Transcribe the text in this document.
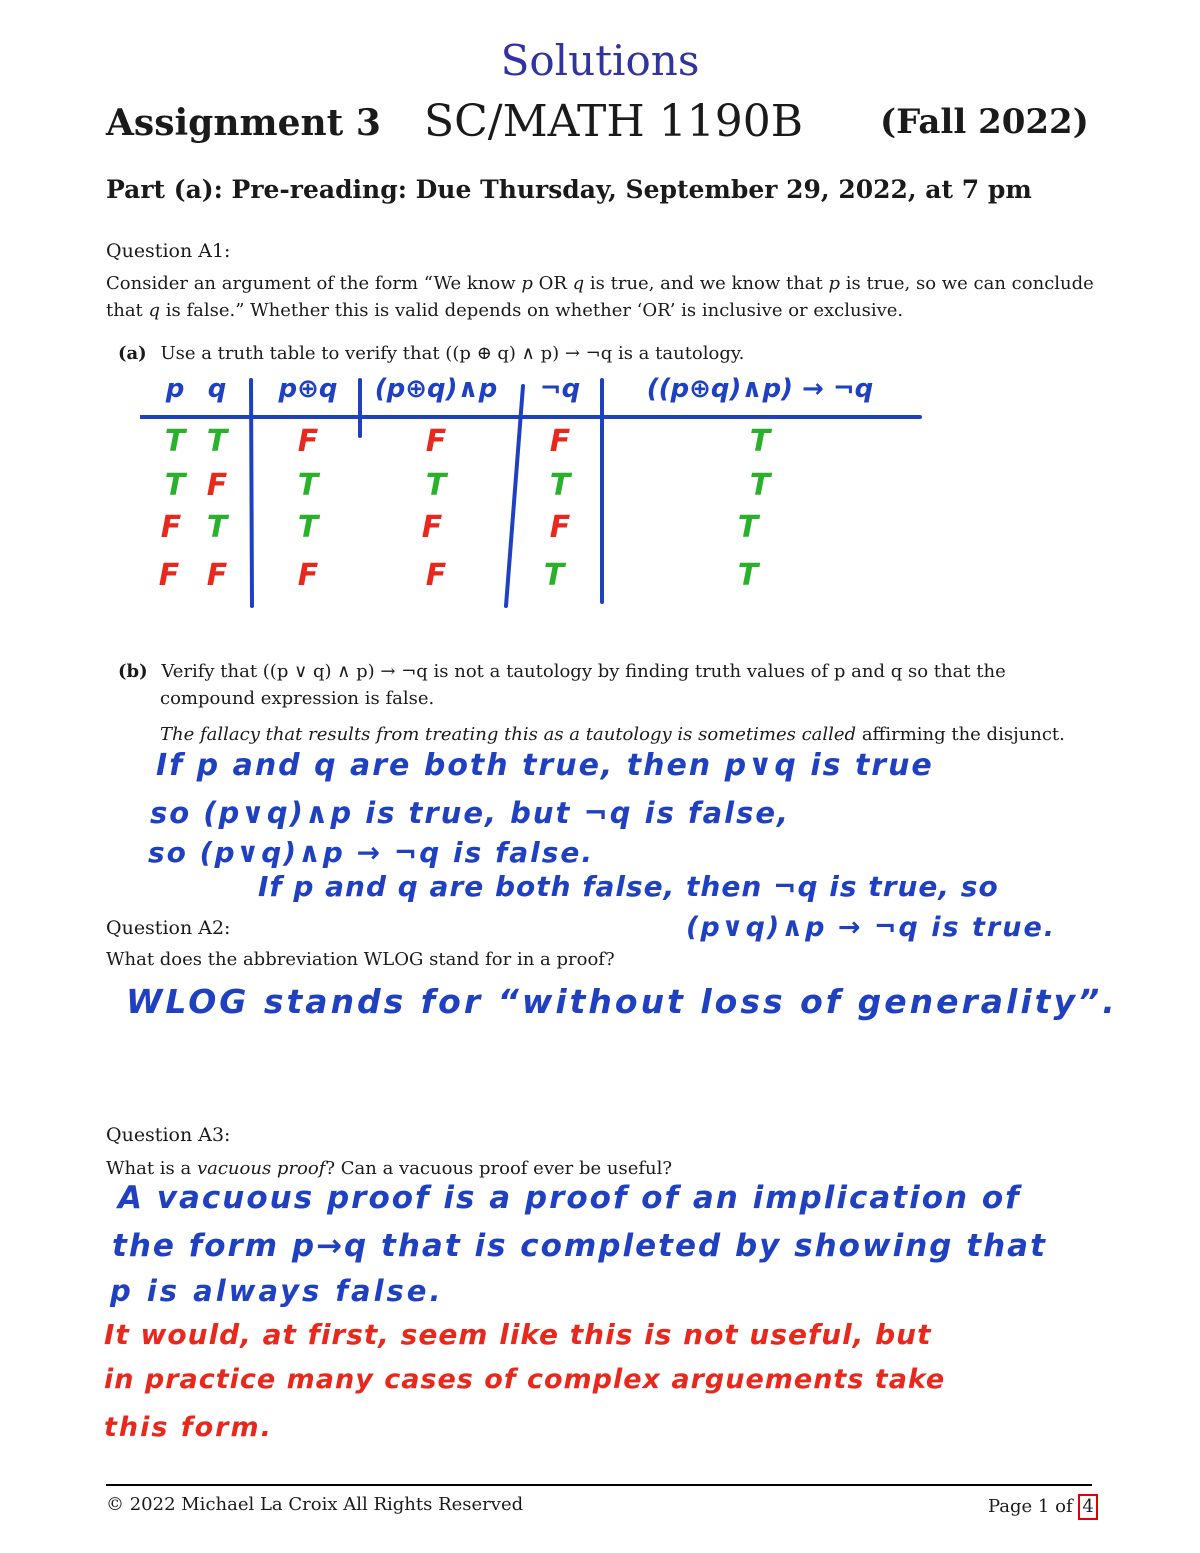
Solutions
Assignment 3 SC/MATH 1190B (Fall 2022)
Part (a): Pre-reading: Due Thursday, September 29, 2022, at 7 pm
Question A1:
Consider an argument of the form “We know p OR q is true, and we know that p is true, so we can conclude
that q is false.” Whether this is valid depends on whether ‘OR’ is inclusive or exclusive.
(a) Use a truth table to verify that ((p ⊕ q) ∧ p) → ¬q is a tautology.
p q p⊕q (p⊕q)∧p ¬q	((p⊕q)∧p) → ¬q
T T F	F	F	T
T F T	T	T	T
F T T	F	F	T
F F F	F	T	T
(b) Verify that ((p ∨ q) ∧ p) → ¬q is not a tautology by finding truth values of p and q so that the
compound expression is false.
The fallacy that results from treating this as a tautology is sometimes called affirming the disjunct.
If p and q are both true, then p∨q is true
so (p∨q)∧p is true, but ¬q is false,
so (p∨q)∧p → ¬q is false.
If p and q are both false, then ¬q is true, so
(p∨q)∧p → ¬q is true.
Question A2:
What does the abbreviation WLOG stand for in a proof?
WLOG stands for “without loss of generality”.
Question A3:
What is a vacuous proof? Can a vacuous proof ever be useful?
A vacuous proof is a proof of an implication of
the form p→q that is completed by showing that
p is always false.
It would, at first, seem like this is not useful, but
in practice many cases of complex arguements take
this form.
© 2022 Michael La Croix All Rights Reserved	Page 1 of 4
